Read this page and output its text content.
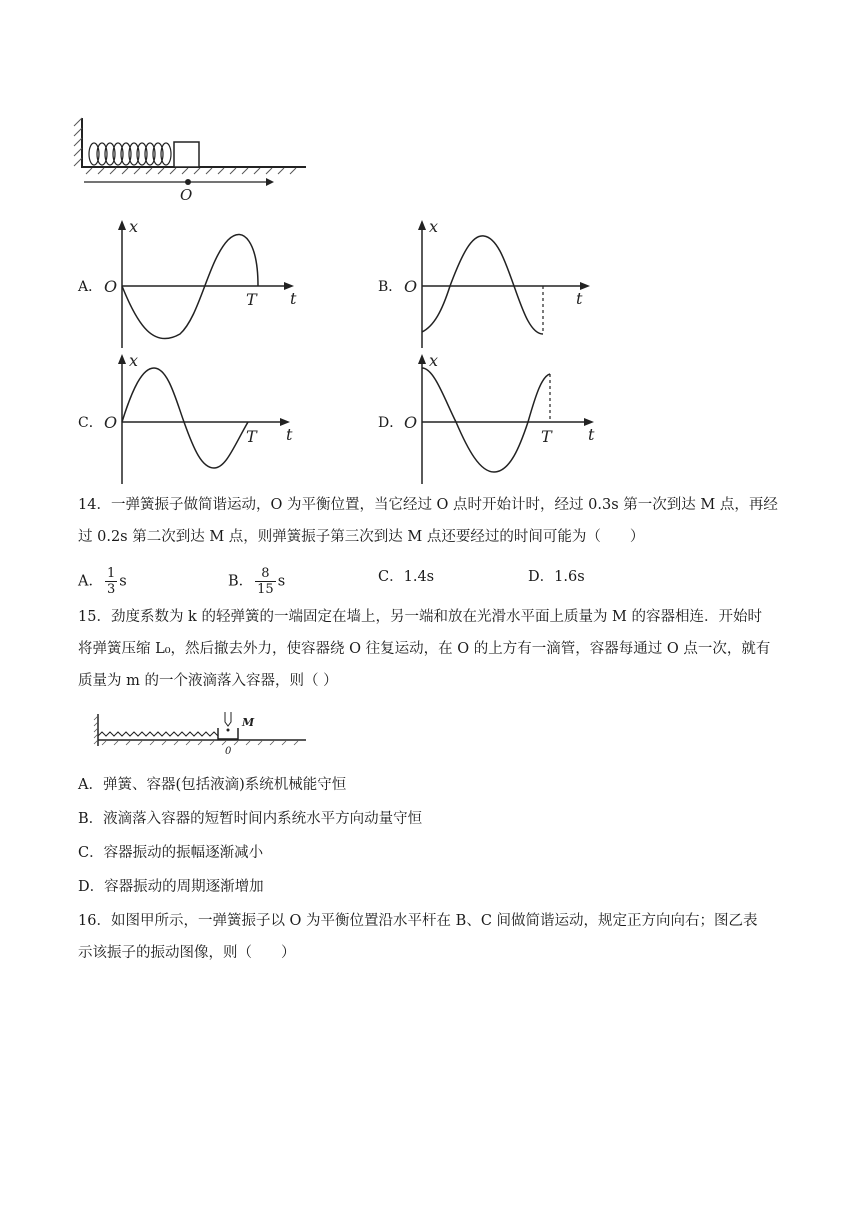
O
A．
x
t
O
T
B．
x
t
O
C．
x
t
O
T
D．
x
t
O
T
14．一弹簧振子做简谐运动，O 为平衡位置，当它经过 O 点时开始计时，经过 0.3s 第一次到达 M 点，再经
过 0.2s 第二次到达 M 点，则弹簧振子第三次到达 M 点还要经过的时间可能为（　　）
A． $\frac{1}{3}$ s	B． $\frac{8}{15}$ s	C．1.4s	D．1.6s
15．劲度系数为 k 的轻弹簧的一端固定在墙上，另一端和放在光滑水平面上质量为 M 的容器相连．开始时
将弹簧压缩 L₀，然后撤去外力，使容器绕 O 往复运动，在 O 的上方有一滴管，容器每通过 O 点一次，就有
质量为 m 的一个液滴落入容器，则（ ）
M
0
A．弹簧、容器(包括液滴)系统机械能守恒
B．液滴落入容器的短暂时间内系统水平方向动量守恒
C．容器振动的振幅逐渐减小
D．容器振动的周期逐渐增加
16．如图甲所示，一弹簧振子以 O 为平衡位置沿水平杆在 B、C 间做简谐运动，规定正方向向右；图乙表
示该振子的振动图像，则（　　）
